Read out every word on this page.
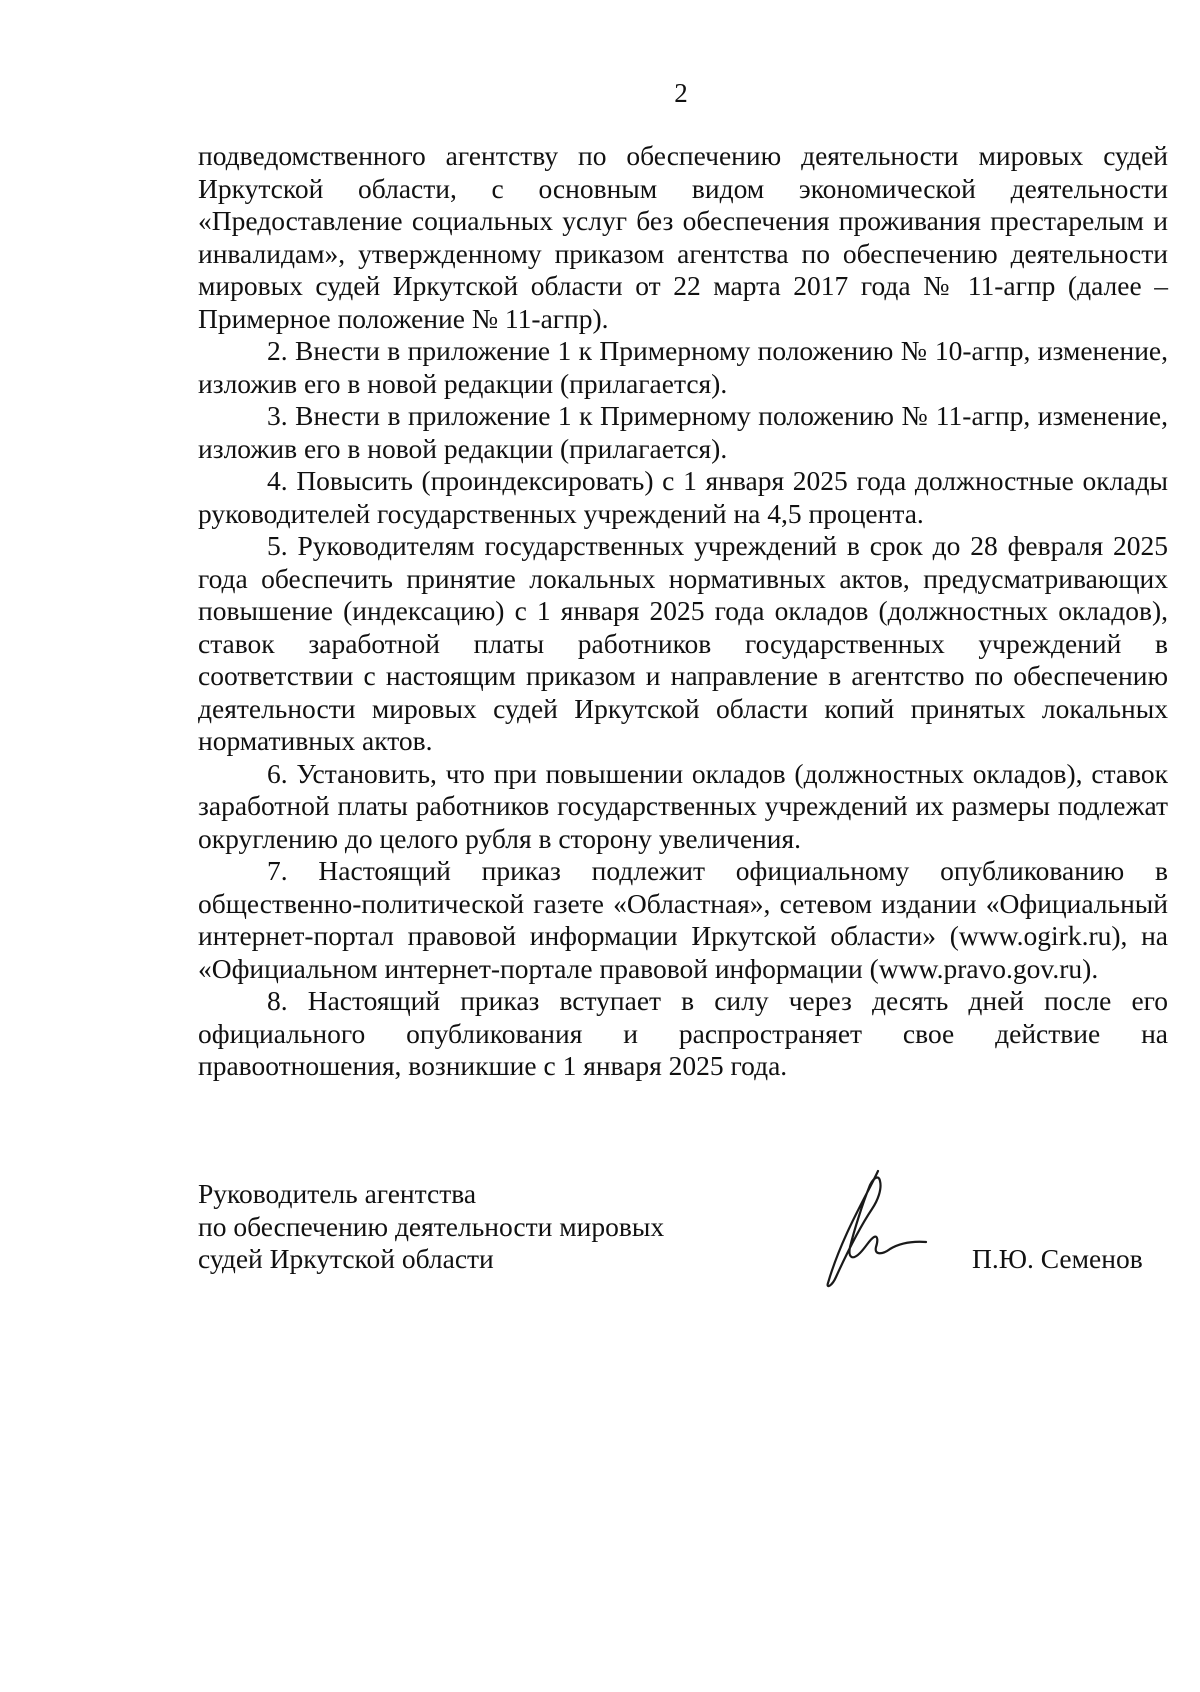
2

подведомственного агентству по обеспечению деятельности мировых судей Иркутской области, с основным видом экономической деятельности «Предоставление социальных услуг без обеспечения проживания престарелым и инвалидам», утвержденному приказом агентства по обеспечению деятельности мировых судей Иркутской области от 22 марта 2017 года № 11-агпр (далее – Примерное положение № 11-агпр).

2. Внести в приложение 1 к Примерному положению № 10-агпр, изменение, изложив его в новой редакции (прилагается).

3. Внести в приложение 1 к Примерному положению № 11-агпр, изменение, изложив его в новой редакции (прилагается).

4. Повысить (проиндексировать) с 1 января 2025 года должностные оклады руководителей государственных учреждений на 4,5 процента.

5. Руководителям государственных учреждений в срок до 28 февраля 2025 года обеспечить принятие локальных нормативных актов, предусматривающих повышение (индексацию) с 1 января 2025 года окладов (должностных окладов), ставок заработной платы работников государственных учреждений в соответствии с настоящим приказом и направление в агентство по обеспечению деятельности мировых судей Иркутской области копий принятых локальных нормативных актов.

6. Установить, что при повышении окладов (должностных окладов), ставок заработной платы работников государственных учреждений их размеры подлежат округлению до целого рубля в сторону увеличения.

7. Настоящий приказ подлежит официальному опубликованию в общественно-политической газете «Областная», сетевом издании «Официальный интернет-портал правовой информации Иркутской области» (www.ogirk.ru), на «Официальном интернет-портале правовой информации (www.pravo.gov.ru).

8. Настоящий приказ вступает в силу через десять дней после его официального опубликования и распространяет свое действие на правоотношения, возникшие с 1 января 2025 года.

Руководитель агентства
по обеспечению деятельности мировых
судей Иркутской области	П.Ю. Семенов
